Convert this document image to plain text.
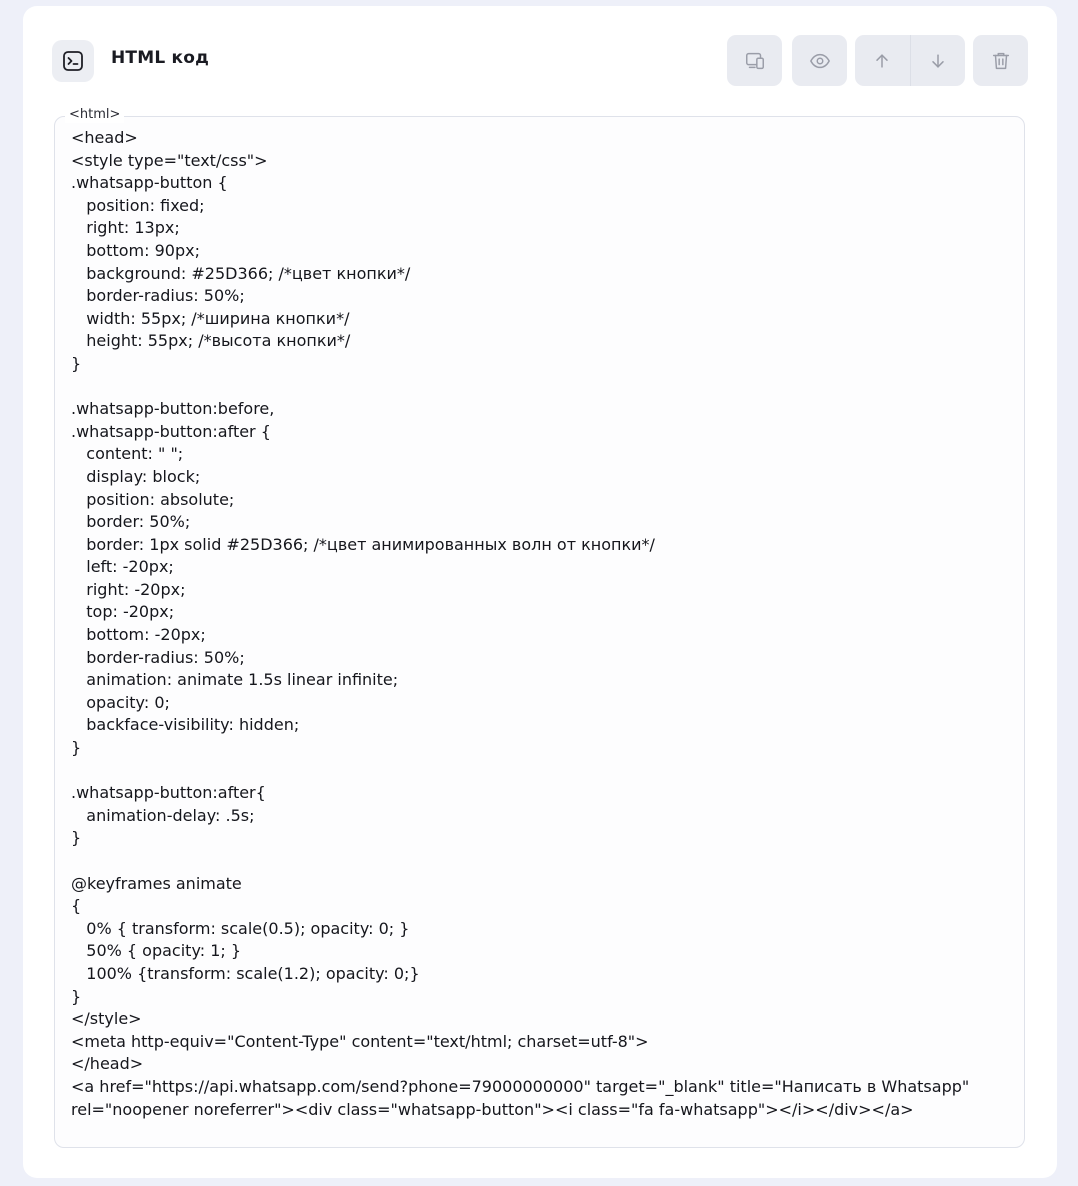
HTML код
<html>
<head>
<style type="text/css">
.whatsapp-button {
position: fixed;
right: 13px;
bottom: 90px;
background: #25D366; /*цвет кнопки*/
border-radius: 50%;
width: 55px; /*ширина кнопки*/
height: 55px; /*высота кнопки*/
}

.whatsapp-button:before,
.whatsapp-button:after {
content: " ";
display: block;
position: absolute;
border: 50%;
border: 1px solid #25D366; /*цвет анимированных волн от кнопки*/
left: -20px;
right: -20px;
top: -20px;
bottom: -20px;
border-radius: 50%;
animation: animate 1.5s linear infinite;
opacity: 0;
backface-visibility: hidden;
}

.whatsapp-button:after{
animation-delay: .5s;
}

@keyframes animate
{
0% { transform: scale(0.5); opacity: 0; }
50% { opacity: 1; }
100% {transform: scale(1.2); opacity: 0;}
}
</style>
<meta http-equiv="Content-Type" content="text/html; charset=utf-8">
</head>
<a href="https://api.whatsapp.com/send?phone=79000000000" target="_blank" title="Написать в Whatsapp" rel="noopener noreferrer"><div class="whatsapp-button"><i class="fa fa-whatsapp"></i></div></a>
